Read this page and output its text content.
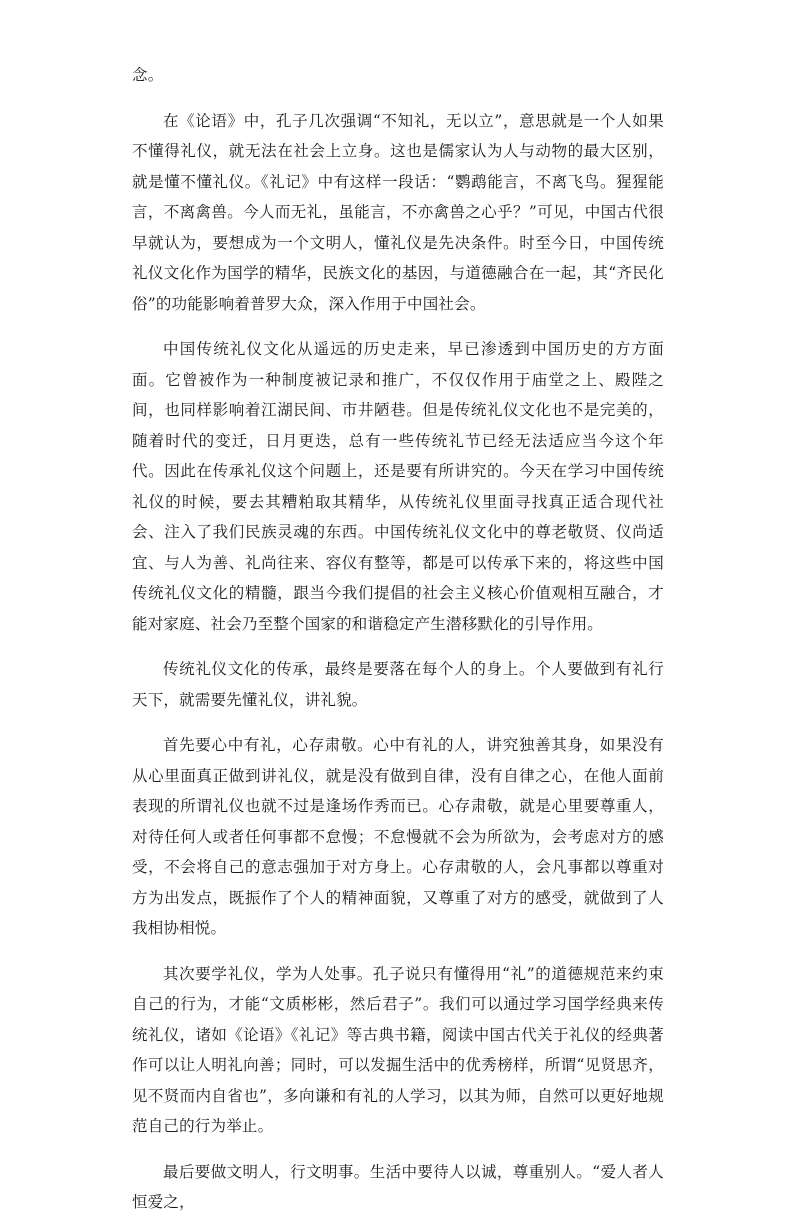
念。

在《论语》中，孔子几次强调“不知礼，无以立”，意思就是一个人如果不懂得礼仪，就无法在社会上立身。这也是儒家认为人与动物的最大区别，就是懂不懂礼仪。《礼记》中有这样一段话：“鹦鹉能言，不离飞鸟。猩猩能言，不离禽兽。今人而无礼，虽能言，不亦禽兽之心乎？”可见，中国古代很早就认为，要想成为一个文明人，懂礼仪是先决条件。时至今日，中国传统礼仪文化作为国学的精华，民族文化的基因，与道德融合在一起，其“齐民化俗”的功能影响着普罗大众，深入作用于中国社会。

中国传统礼仪文化从遥远的历史走来，早已渗透到中国历史的方方面面。它曾被作为一种制度被记录和推广，不仅仅作用于庙堂之上、殿陛之间，也同样影响着江湖民间、市井陋巷。但是传统礼仪文化也不是完美的，随着时代的变迁，日月更迭，总有一些传统礼节已经无法适应当今这个年代。因此在传承礼仪这个问题上，还是要有所讲究的。今天在学习中国传统礼仪的时候，要去其糟粕取其精华，从传统礼仪里面寻找真正适合现代社会、注入了我们民族灵魂的东西。中国传统礼仪文化中的尊老敬贤、仪尚适宜、与人为善、礼尚往来、容仪有整等，都是可以传承下来的，将这些中国传统礼仪文化的精髓，跟当今我们提倡的社会主义核心价值观相互融合，才能对家庭、社会乃至整个国家的和谐稳定产生潜移默化的引导作用。

传统礼仪文化的传承，最终是要落在每个人的身上。个人要做到有礼行天下，就需要先懂礼仪，讲礼貌。

首先要心中有礼，心存肃敬。心中有礼的人，讲究独善其身，如果没有从心里面真正做到讲礼仪，就是没有做到自律，没有自律之心，在他人面前表现的所谓礼仪也就不过是逢场作秀而已。心存肃敬，就是心里要尊重人，对待任何人或者任何事都不怠慢；不怠慢就不会为所欲为，会考虑对方的感受，不会将自己的意志强加于对方身上。心存肃敬的人，会凡事都以尊重对方为出发点，既振作了个人的精神面貌，又尊重了对方的感受，就做到了人我相协相悦。

其次要学礼仪，学为人处事。孔子说只有懂得用“礼”的道德规范来约束自己的行为，才能“文质彬彬，然后君子”。我们可以通过学习国学经典来传统礼仪，诸如《论语》《礼记》等古典书籍，阅读中国古代关于礼仪的经典著作可以让人明礼向善；同时，可以发掘生活中的优秀榜样，所谓“见贤思齐，见不贤而内自省也”，多向谦和有礼的人学习，以其为师，自然可以更好地规范自己的行为举止。

最后要做文明人，行文明事。生活中要待人以诚，尊重别人。“爱人者人恒爱之，
